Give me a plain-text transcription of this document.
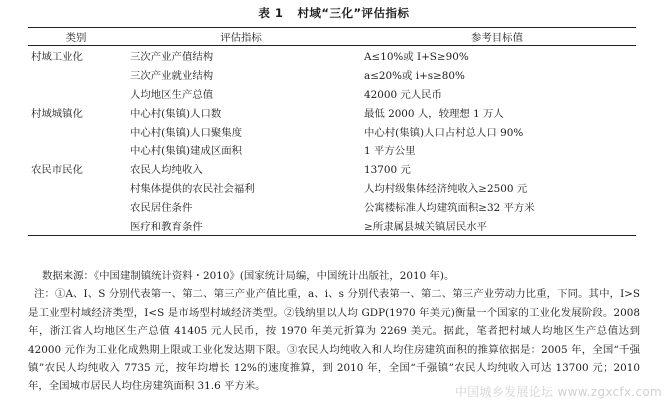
表 1 村域“三化”评估指标
类别	评估指标	参考目标值
村域工业化	三次产业产值结构	A≤10%或 I+S≥90%
	三次产业就业结构	a≤20%或 i+s≥80%
	人均地区生产总值	42000 元人民币
村域城镇化	中心村(集镇)人口数	最低 2000 人，较理想 1 万人
	中心村(集镇)人口聚集度	中心村(集镇)人口占村总人口 90%
	中心村(集镇)建成区面积	1 平方公里
农民市民化	农民人均纯收入	13700 元
	村集体提供的农民社会福利	人均村级集体经济纯收入≥2500 元
	农民居住条件	公寓楼标准人均建筑面积≥32 平方米
	医疗和教育条件	≥所隶属县城关镇居民水平

数据来源：《中国建制镇统计资料・2010》(国家统计局编，中国统计出版社，2010 年)。

注：①A、I、S 分别代表第一、第二、第三产业产值比重，a、i、s 分别代表第一、第二、第三产业劳动力比重，下同。其中，I>S 是工业型村域经济类型，I<S 是市场型村域经济类型。②钱纳里以人均 GDP(1970 年美元)衡量一个国家的工业化发展阶段。2008 年，浙江省人均地区生产总值 41405 元人民币，按 1970 年美元折算为 2269 美元。据此，笔者把村域人均地区生产总值达到 42000 元作为工业化成熟期上限或工业化发达期下限。③农民人均纯收入和人均住房建筑面积的推算依据是：2005 年，全国“千强镇”农民人均纯收入 7735 元，按年均增长 12%的速度推算，到 2010 年，全国“千强镇”农民人均纯收入可达 13700 元；2010 年，全国城市居民人均住房建筑面积 31.6 平方米。	中国城乡发展论坛 www.zgxcfx.com
